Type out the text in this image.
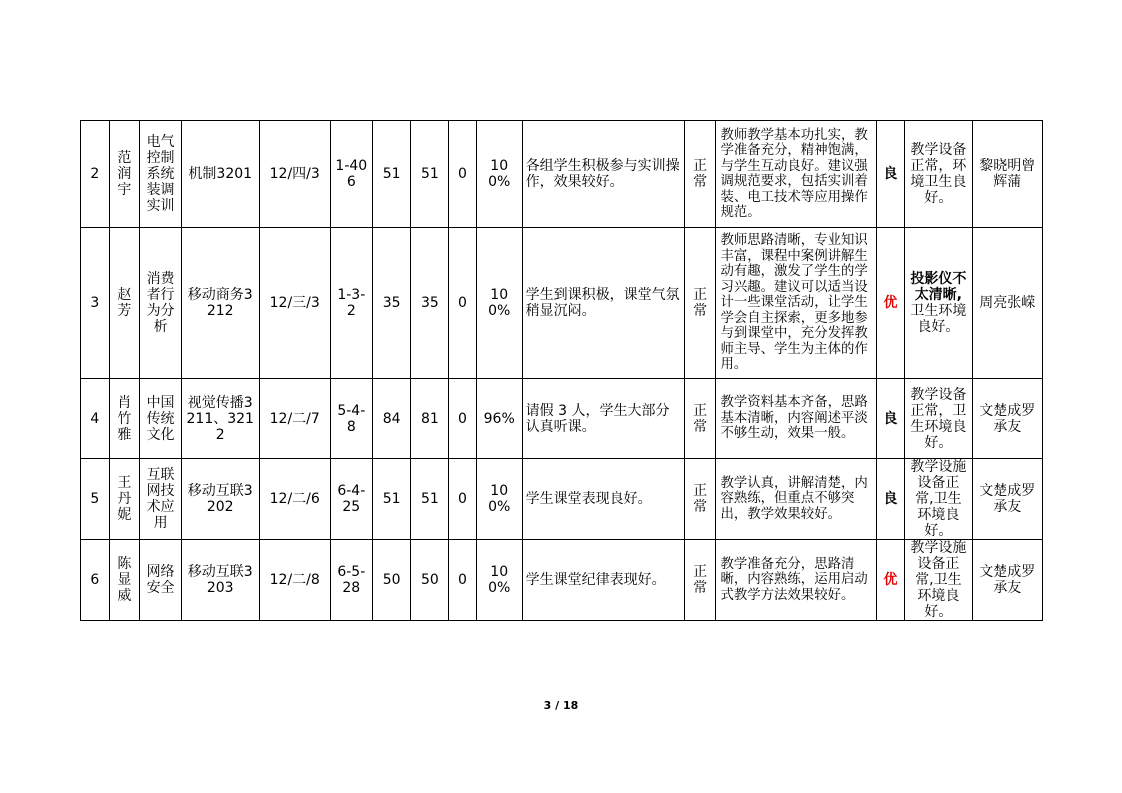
2	范润宇	电气控制系统装调实训	机制3201	12/四/3	1-406	51	51	0	100%	各组学生积极参与实训操作，效果较好。	正常	教师教学基本功扎实，教学准备充分，精神饱满，与学生互动良好。建议强调规范要求，包括实训着装、电工技术等应用操作规范。	良	教学设备正常，环境卫生良好。	黎晓明曾辉蒲
3	赵芳	消费者行为分析	移动商务3212	12/三/3	1-3-2	35	35	0	100%	学生到课积极，课堂气氛稍显沉闷。	正常	教师思路清晰，专业知识丰富，课程中案例讲解生动有趣，激发了学生的学习兴趣。建议可以适当设计一些课堂活动，让学生学会自主探索，更多地参与到课堂中，充分发挥教师主导、学生为主体的作用。	优	投影仪不太清晰,卫生环境良好。	周亮张嵘
4	肖竹雅	中国传统文化	视觉传播3211、3212	12/二/7	5-4-8	84	81	0	96%	请假 3 人，学生大部分认真听课。	正常	教学资料基本齐备，思路基本清晰，内容阐述平淡不够生动，效果一般。	良	教学设备正常，卫生环境良好。	文楚成罗承友
5	王丹妮	互联网技术应用	移动互联3202	12/二/6	6-4-25	51	51	0	100%	学生课堂表现良好。	正常	教学认真，讲解清楚，内容熟练，但重点不够突出，教学效果较好。	良	教学设施设备正常,卫生环境良好。	文楚成罗承友
6	陈显威	网络安全	移动互联3203	12/二/8	6-5-28	50	50	0	100%	学生课堂纪律表现好。	正常	教学准备充分，思路清晰，内容熟练，运用启动式教学方法效果较好。	优	教学设施设备正常,卫生环境良好。	文楚成罗承友
3 / 18
